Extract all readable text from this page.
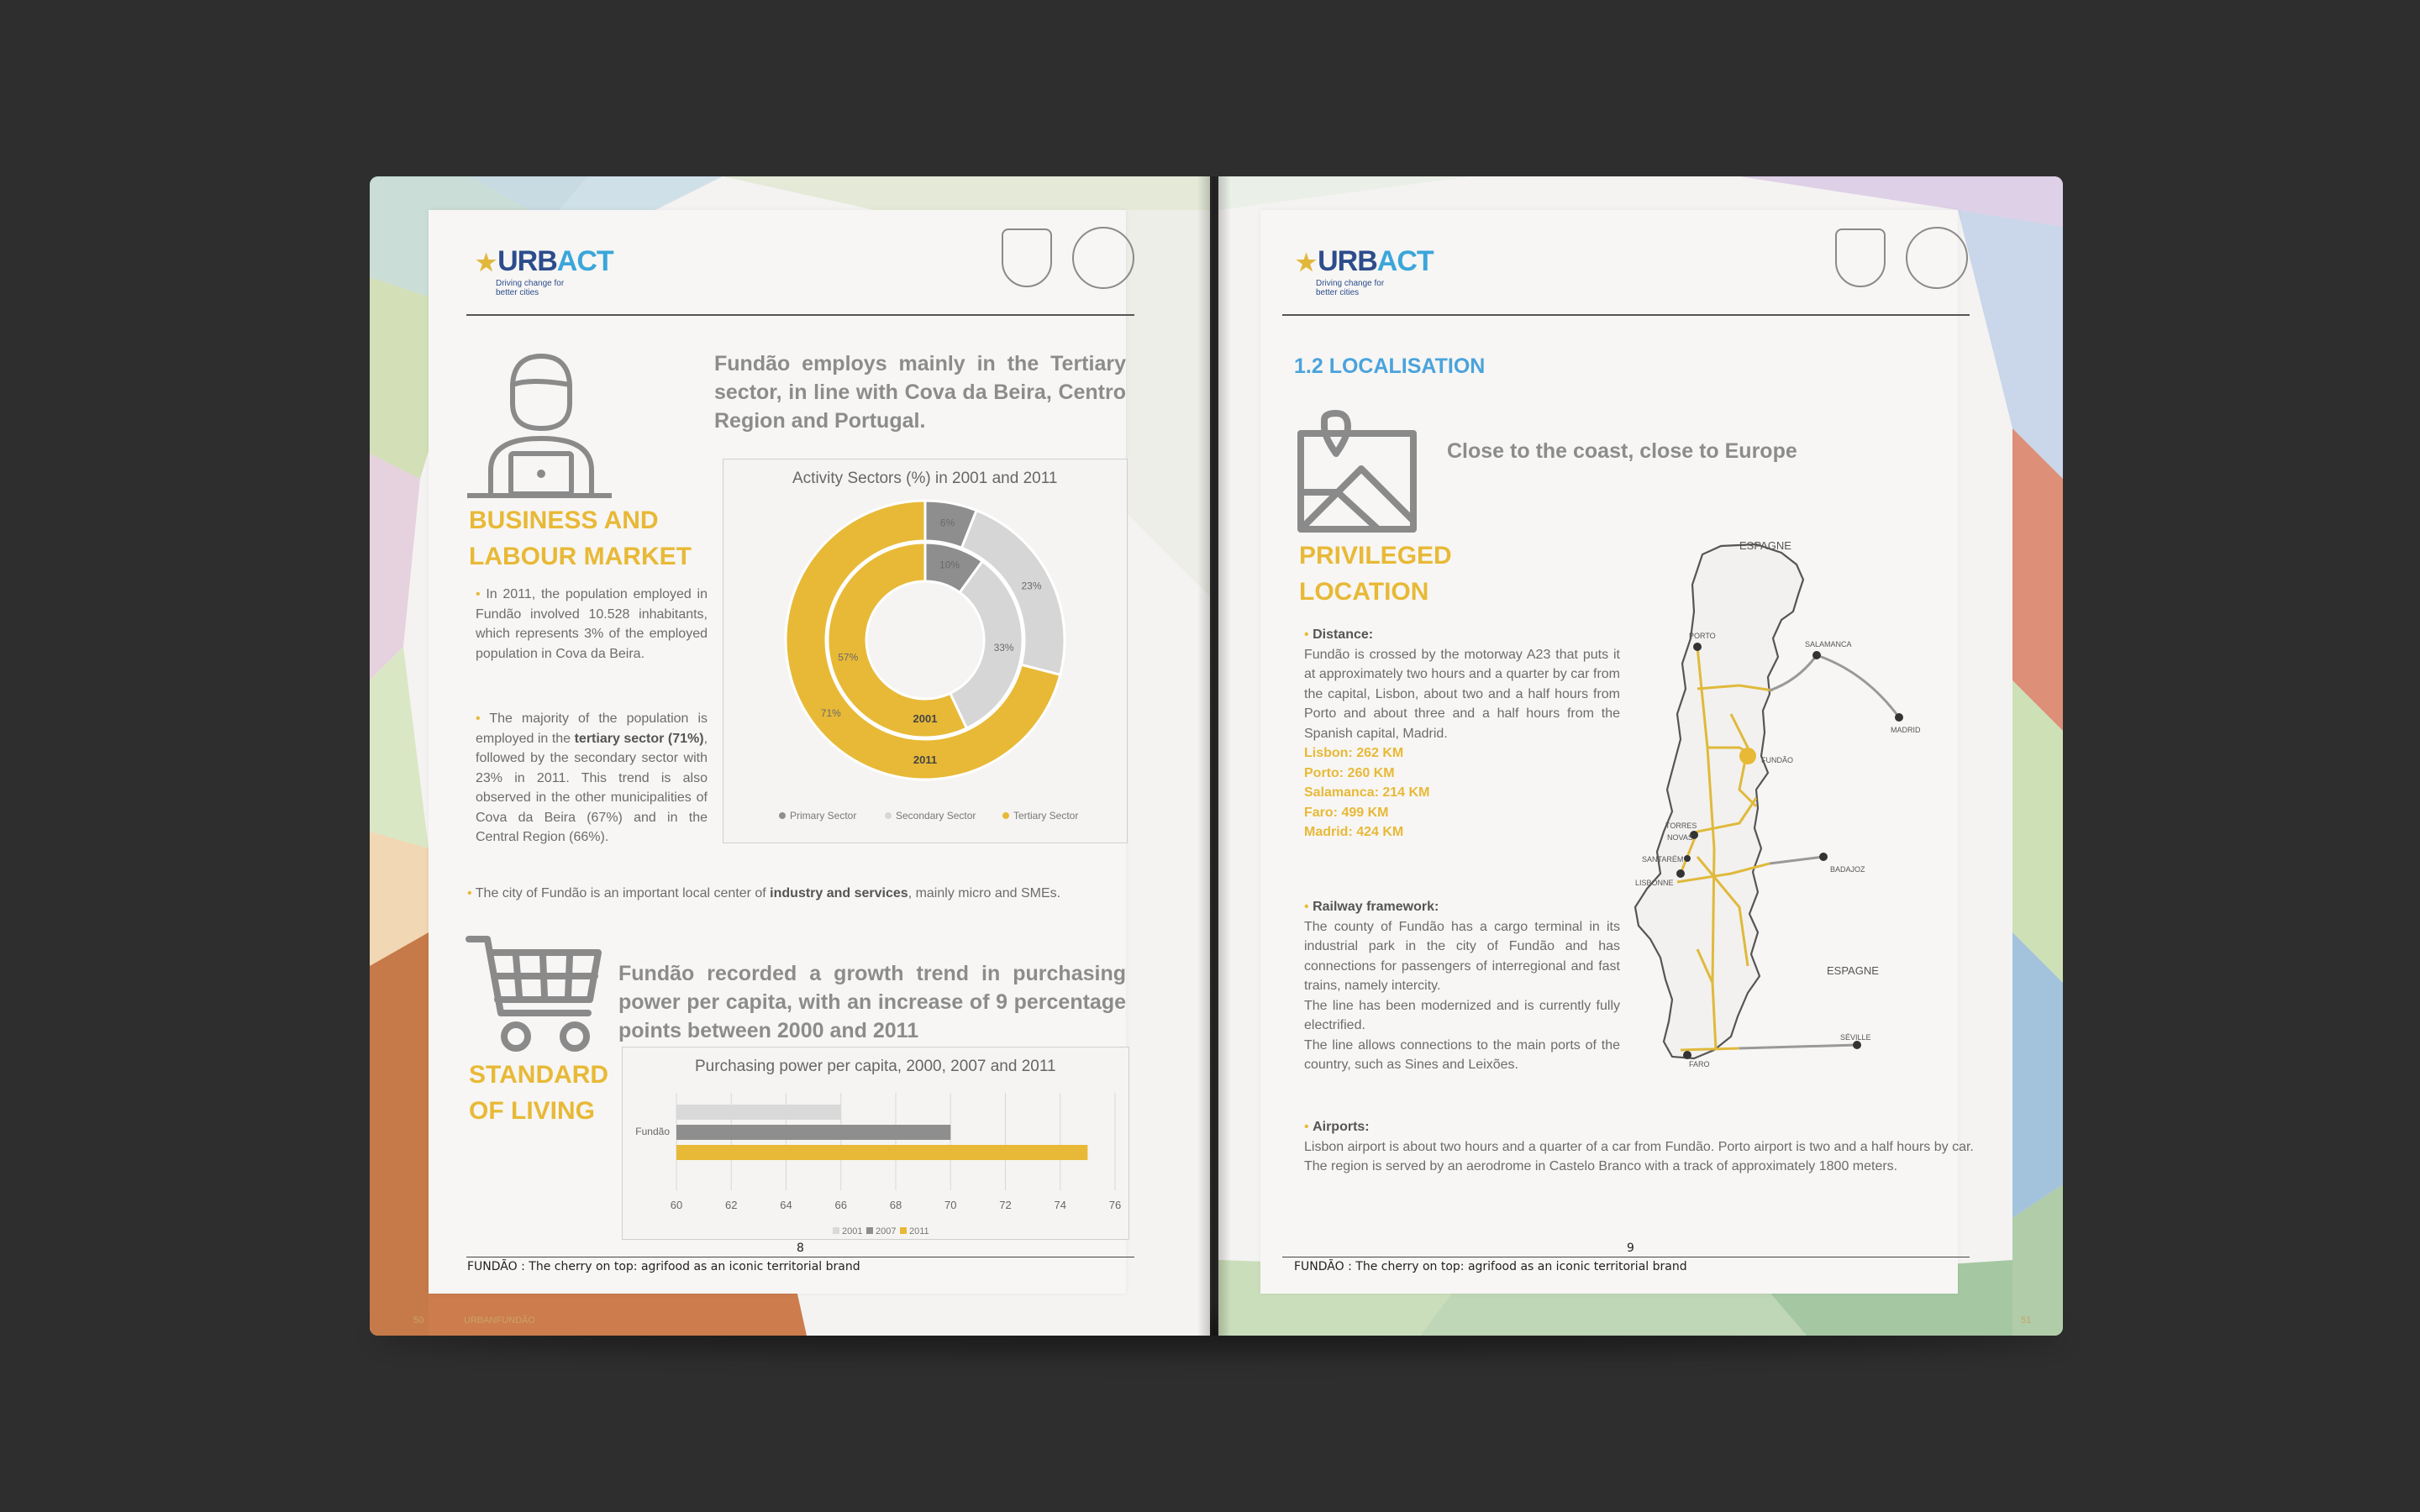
★URBACT
Driving change for better cities
BUSINESS AND
LABOUR MARKET
Fundão employs mainly in the Tertiary sector, in line with Cova da Beira, Centro Region and Portugal.
• In 2011, the population employed in Fundão involved 10.528 inhabitants, which represents 3% of the employed population in Cova da Beira.
• The majority of the population is employed in the tertiary sector (71%), followed by the secondary sector with 23% in 2011. This trend is also observed in the other municipalities of Cova da Beira (67%) and in the Central Region (66%).
• The city of Fundão is an important local center of industry and services, mainly micro and SMEs.
Activity Sectors (%) in 2001 and 2011
6%
23%
71%
2011
10%
33%
57%
2001
Primary Sector	Secondary Sector	Tertiary Sector
STANDARD
OF LIVING
Fundão recorded a growth trend in purchasing power per capita, with an increase of 9 percentage points between 2000 and 2011
Purchasing power per capita, 2000, 2007 and 2011
60	62	64	66	68	70	72	74	76
Fundão
2001 2007 2011
8
FUNDÃO : The cherry on top: agrifood as an iconic territorial brand
50	URBANFUNDÃO
★URBACT
Driving change for better cities
1.2 LOCALISATION
Close to the coast, close to Europe
PRIVILEGED
LOCATION
• Distance:
Fundão is crossed by the motorway A23 that puts it at approximately two hours and a quarter by car from the capital, Lisbon, about two and a half hours from Porto and about three and a half hours from the Spanish capital, Madrid.
Lisbon: 262 KM
Porto: 260 KM
Salamanca: 214 KM
Faro: 499 KM
Madrid: 424 KM
• Railway framework:
The county of Fundão has a cargo terminal in its industrial park in the city of Fundão and has connections for passengers of interregional and fast trains, namely intercity.
The line has been modernized and is currently fully electrified.
The line allows connections to the main ports of the country, such as Sines and Leixões.
• Airports:
Lisbon airport is about two hours and a quarter of a car from Fundão. Porto airport is two and a half hours by car.
The region is served by an aerodrome in Castelo Branco with a track of approximately 1800 meters.
ESPAGNE
ESPAGNE
PORTO
SALAMANCA
MADRID
FUNDÃO
TORRES
NOVAS
SANTARÉM
LISBONNE
BADAJOZ
FARO
SÉVILLE
9
FUNDÃO : The cherry on top: agrifood as an iconic territorial brand
51
